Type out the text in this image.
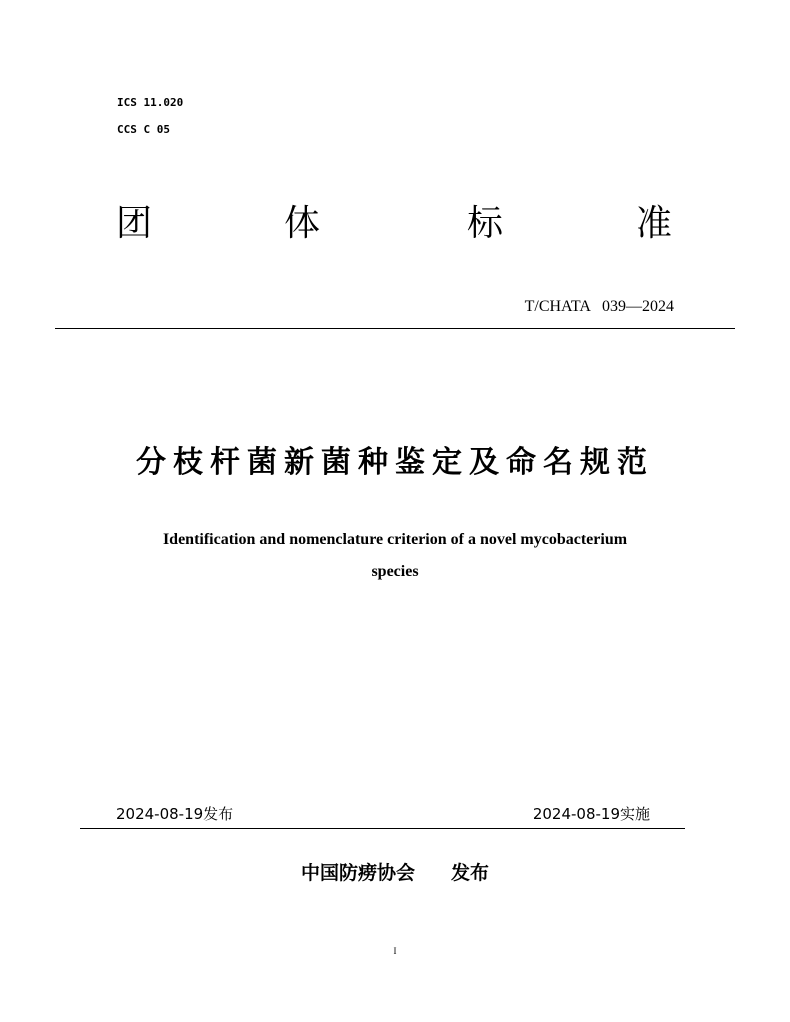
ICS 11.020
CCS C 05
团	体	标	准
T/CHATA   039—2024
分枝杆菌新菌种鉴定及命名规范
Identification and nomenclature criterion of a novel mycobacterium
species
2024-08-19发布	2024-08-19实施
中国防痨协会 发布
I
